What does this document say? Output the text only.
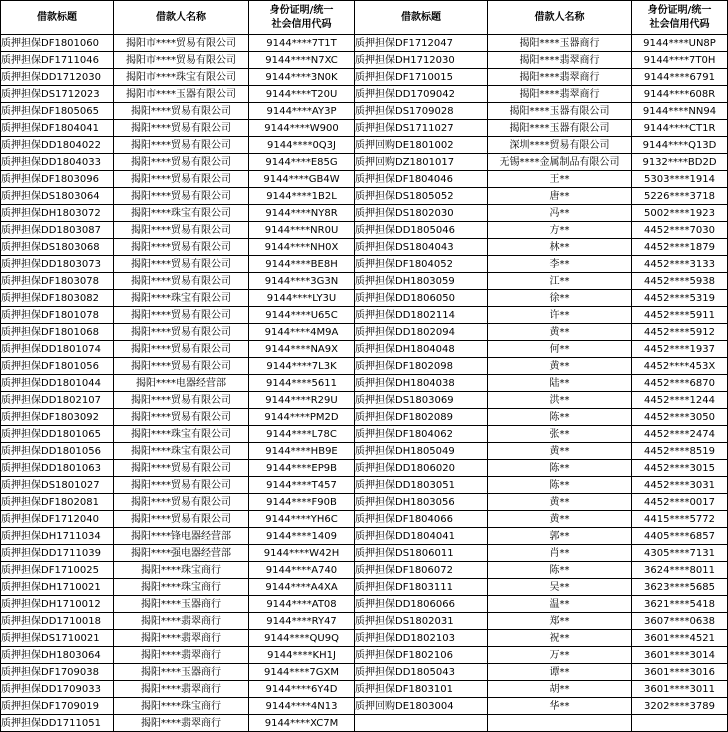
借款标题	借款人名称	身份证明/统一
社会信用代码	借款标题	借款人名称	身份证明/统一
社会信用代码

质押担保DF1801060	揭阳市****贸易有限公司	9144****7T1T	质押担保DF1712047	揭阳****玉器商行	9144****UN8P
质押担保DF1711046	揭阳市****贸易有限公司	9144****N7XC	质押担保DH1712030	揭阳****翡翠商行	9144****7T0H
质押担保DD1712030	揭阳市****珠宝有限公司	9144****3N0K	质押担保DF1710015	揭阳****翡翠商行	9144****6791
质押担保DS1712023	揭阳市****玉器有限公司	9144****T20U	质押担保DD1709042	揭阳****翡翠商行	9144****608R
质押担保DF1805065	揭阳****贸易有限公司	9144****AY3P	质押担保DS1709028	揭阳****玉器有限公司	9144****NN94
质押担保DF1804041	揭阳****贸易有限公司	9144****W900	质押担保DS1711027	揭阳****玉器有限公司	9144****CT1R
质押担保DD1804022	揭阳****贸易有限公司	9144****0Q3J	质押回购DE1801002	深圳****贸易有限公司	9144****Q13D
质押担保DD1804033	揭阳****贸易有限公司	9144****E85G	质押回购DZ1801017	无锡****金属制品有限公司	9132****BD2D
质押担保DF1803096	揭阳****贸易有限公司	9144****GB4W	质押担保DF1804046	王**	5303****1914
质押担保DS1803064	揭阳****贸易有限公司	9144****1B2L	质押担保DS1805052	唐**	5226****3718
质押担保DH1803072	揭阳****珠宝有限公司	9144****NY8R	质押担保DS1802030	冯**	5002****1923
质押担保DD1803087	揭阳****贸易有限公司	9144****NR0U	质押担保DD1805046	方**	4452****7030
质押担保DS1803068	揭阳****贸易有限公司	9144****NH0X	质押担保DS1804043	林**	4452****1879
质押担保DD1803073	揭阳****贸易有限公司	9144****BE8H	质押担保DF1804052	李**	4452****3133
质押担保DF1803078	揭阳****贸易有限公司	9144****3G3N	质押担保DH1803059	江**	4452****5938
质押担保DF1803082	揭阳****珠宝有限公司	9144****LY3U	质押担保DD1806050	徐**	4452****5319
质押担保DF1801078	揭阳****贸易有限公司	9144****U65C	质押担保DD1802114	许**	4452****5911
质押担保DF1801068	揭阳****贸易有限公司	9144****4M9A	质押担保DD1802094	黄**	4452****5912
质押担保DD1801074	揭阳****贸易有限公司	9144****NA9X	质押担保DH1804048	何**	4452****1937
质押担保DF1801056	揭阳****贸易有限公司	9144****7L3K	质押担保DF1802098	黄**	4452****453X
质押担保DD1801044	揭阳****电器经营部	9144****5611	质押担保DH1804038	陆**	4452****6870
质押担保DD1802107	揭阳****贸易有限公司	9144****R29U	质押担保DS1803069	洪**	4452****1244
质押担保DF1803092	揭阳****贸易有限公司	9144****PM2D	质押担保DF1802089	陈**	4452****3050
质押担保DD1801065	揭阳****珠宝有限公司	9144****L78C	质押担保DF1804062	张**	4452****2474
质押担保DD1801056	揭阳****珠宝有限公司	9144****HB9E	质押担保DH1805049	黄**	4452****8519
质押担保DD1801063	揭阳****贸易有限公司	9144****EP9B	质押担保DD1806020	陈**	4452****3015
质押担保DS1801027	揭阳****贸易有限公司	9144****T457	质押担保DD1803051	陈**	4452****3031
质押担保DF1802081	揭阳****贸易有限公司	9144****F90B	质押担保DH1803056	黄**	4452****0017
质押担保DF1712040	揭阳****贸易有限公司	9144****YH6C	质押担保DF1804066	黄**	4415****5772
质押担保DH1711034	揭阳****锋电器经营部	9144****1409	质押担保DD1804041	郭**	4405****6857
质押担保DD1711039	揭阳****强电器经营部	9144****W42H	质押担保DS1806011	肖**	4305****7131
质押担保DF1710025	揭阳****珠宝商行	9144****A740	质押担保DF1806072	陈**	3624****8011
质押担保DH1710021	揭阳****珠宝商行	9144****A4XA	质押担保DF1803111	吴**	3623****5685
质押担保DH1710012	揭阳****玉器商行	9144****AT08	质押担保DD1806066	温**	3621****5418
质押担保DD1710018	揭阳****翡翠商行	9144****RY47	质押担保DS1802031	郑**	3607****0638
质押担保DS1710021	揭阳****翡翠商行	9144****QU9Q	质押担保DD1802103	祝**	3601****4521
质押担保DH1803064	揭阳****翡翠商行	9144****KH1J	质押担保DF1802106	万**	3601****3014
质押担保DF1709038	揭阳****玉器商行	9144****7GXM	质押担保DD1805043	谭**	3601****3016
质押担保DD1709033	揭阳****翡翠商行	9144****6Y4D	质押担保DF1803101	胡**	3601****3011
质押担保DF1709019	揭阳****珠宝商行	9144****4N13	质押回购DE1803004	华**	3202****3789
质押担保DD1711051	揭阳****翡翠商行	9144****XC7M			
